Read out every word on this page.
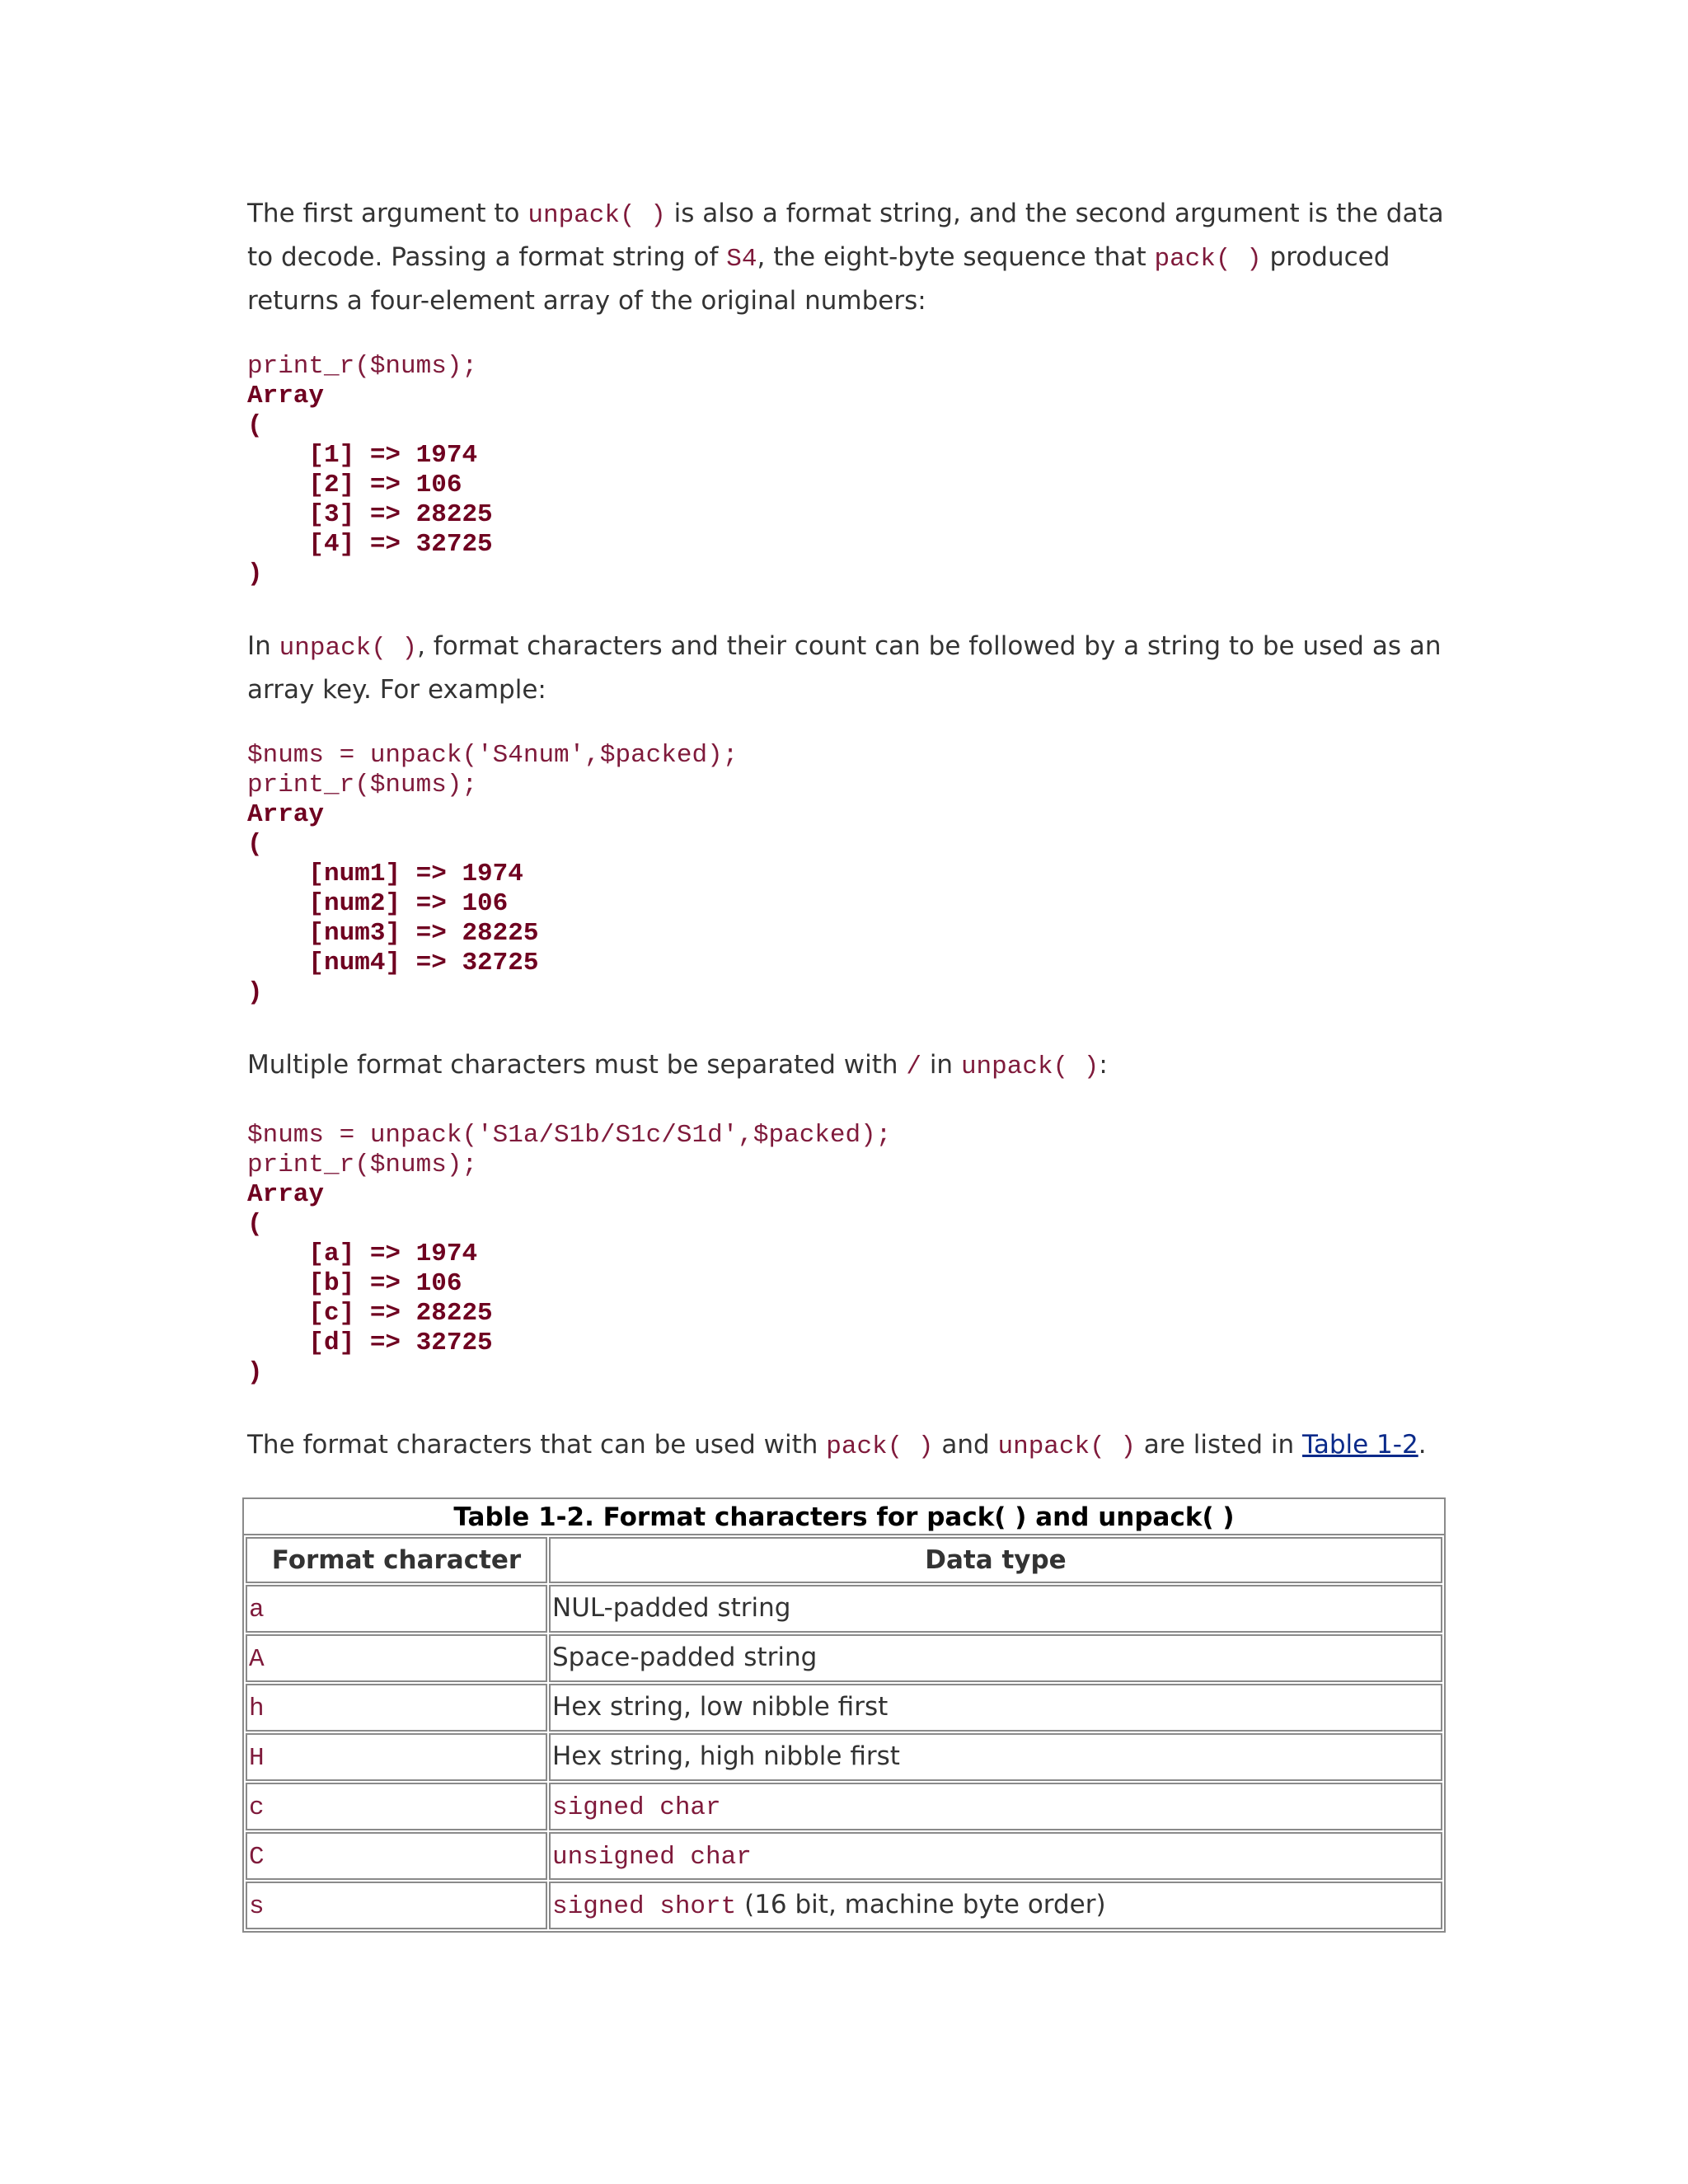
The first argument to unpack( ) is also a format string, and the second argument is the data to decode. Passing a format string of S4, the eight-byte sequence that pack( ) produced returns a four-element array of the original numbers:

print_r($nums);
Array
(
[1] => 1974
[2] => 106
[3] => 28225
[4] => 32725
)

In unpack( ), format characters and their count can be followed by a string to be used as an array key. For example:

$nums = unpack('S4num',$packed);
print_r($nums);
Array
(
[num1] => 1974
[num2] => 106
[num3] => 28225
[num4] => 32725
)

Multiple format characters must be separated with / in unpack( ):

$nums = unpack('S1a/S1b/S1c/S1d',$packed);
print_r($nums);
Array
(
[a] => 1974
[b] => 106
[c] => 28225
[d] => 32725
)

The format characters that can be used with pack( ) and unpack( ) are listed in Table 1-2.

Table 1-2. Format characters for pack( ) and unpack( )
Format character	Data type
a	NUL-padded string
A	Space-padded string
h	Hex string, low nibble first
H	Hex string, high nibble first
c	signed char
C	unsigned char
s	signed short (16 bit, machine byte order)
